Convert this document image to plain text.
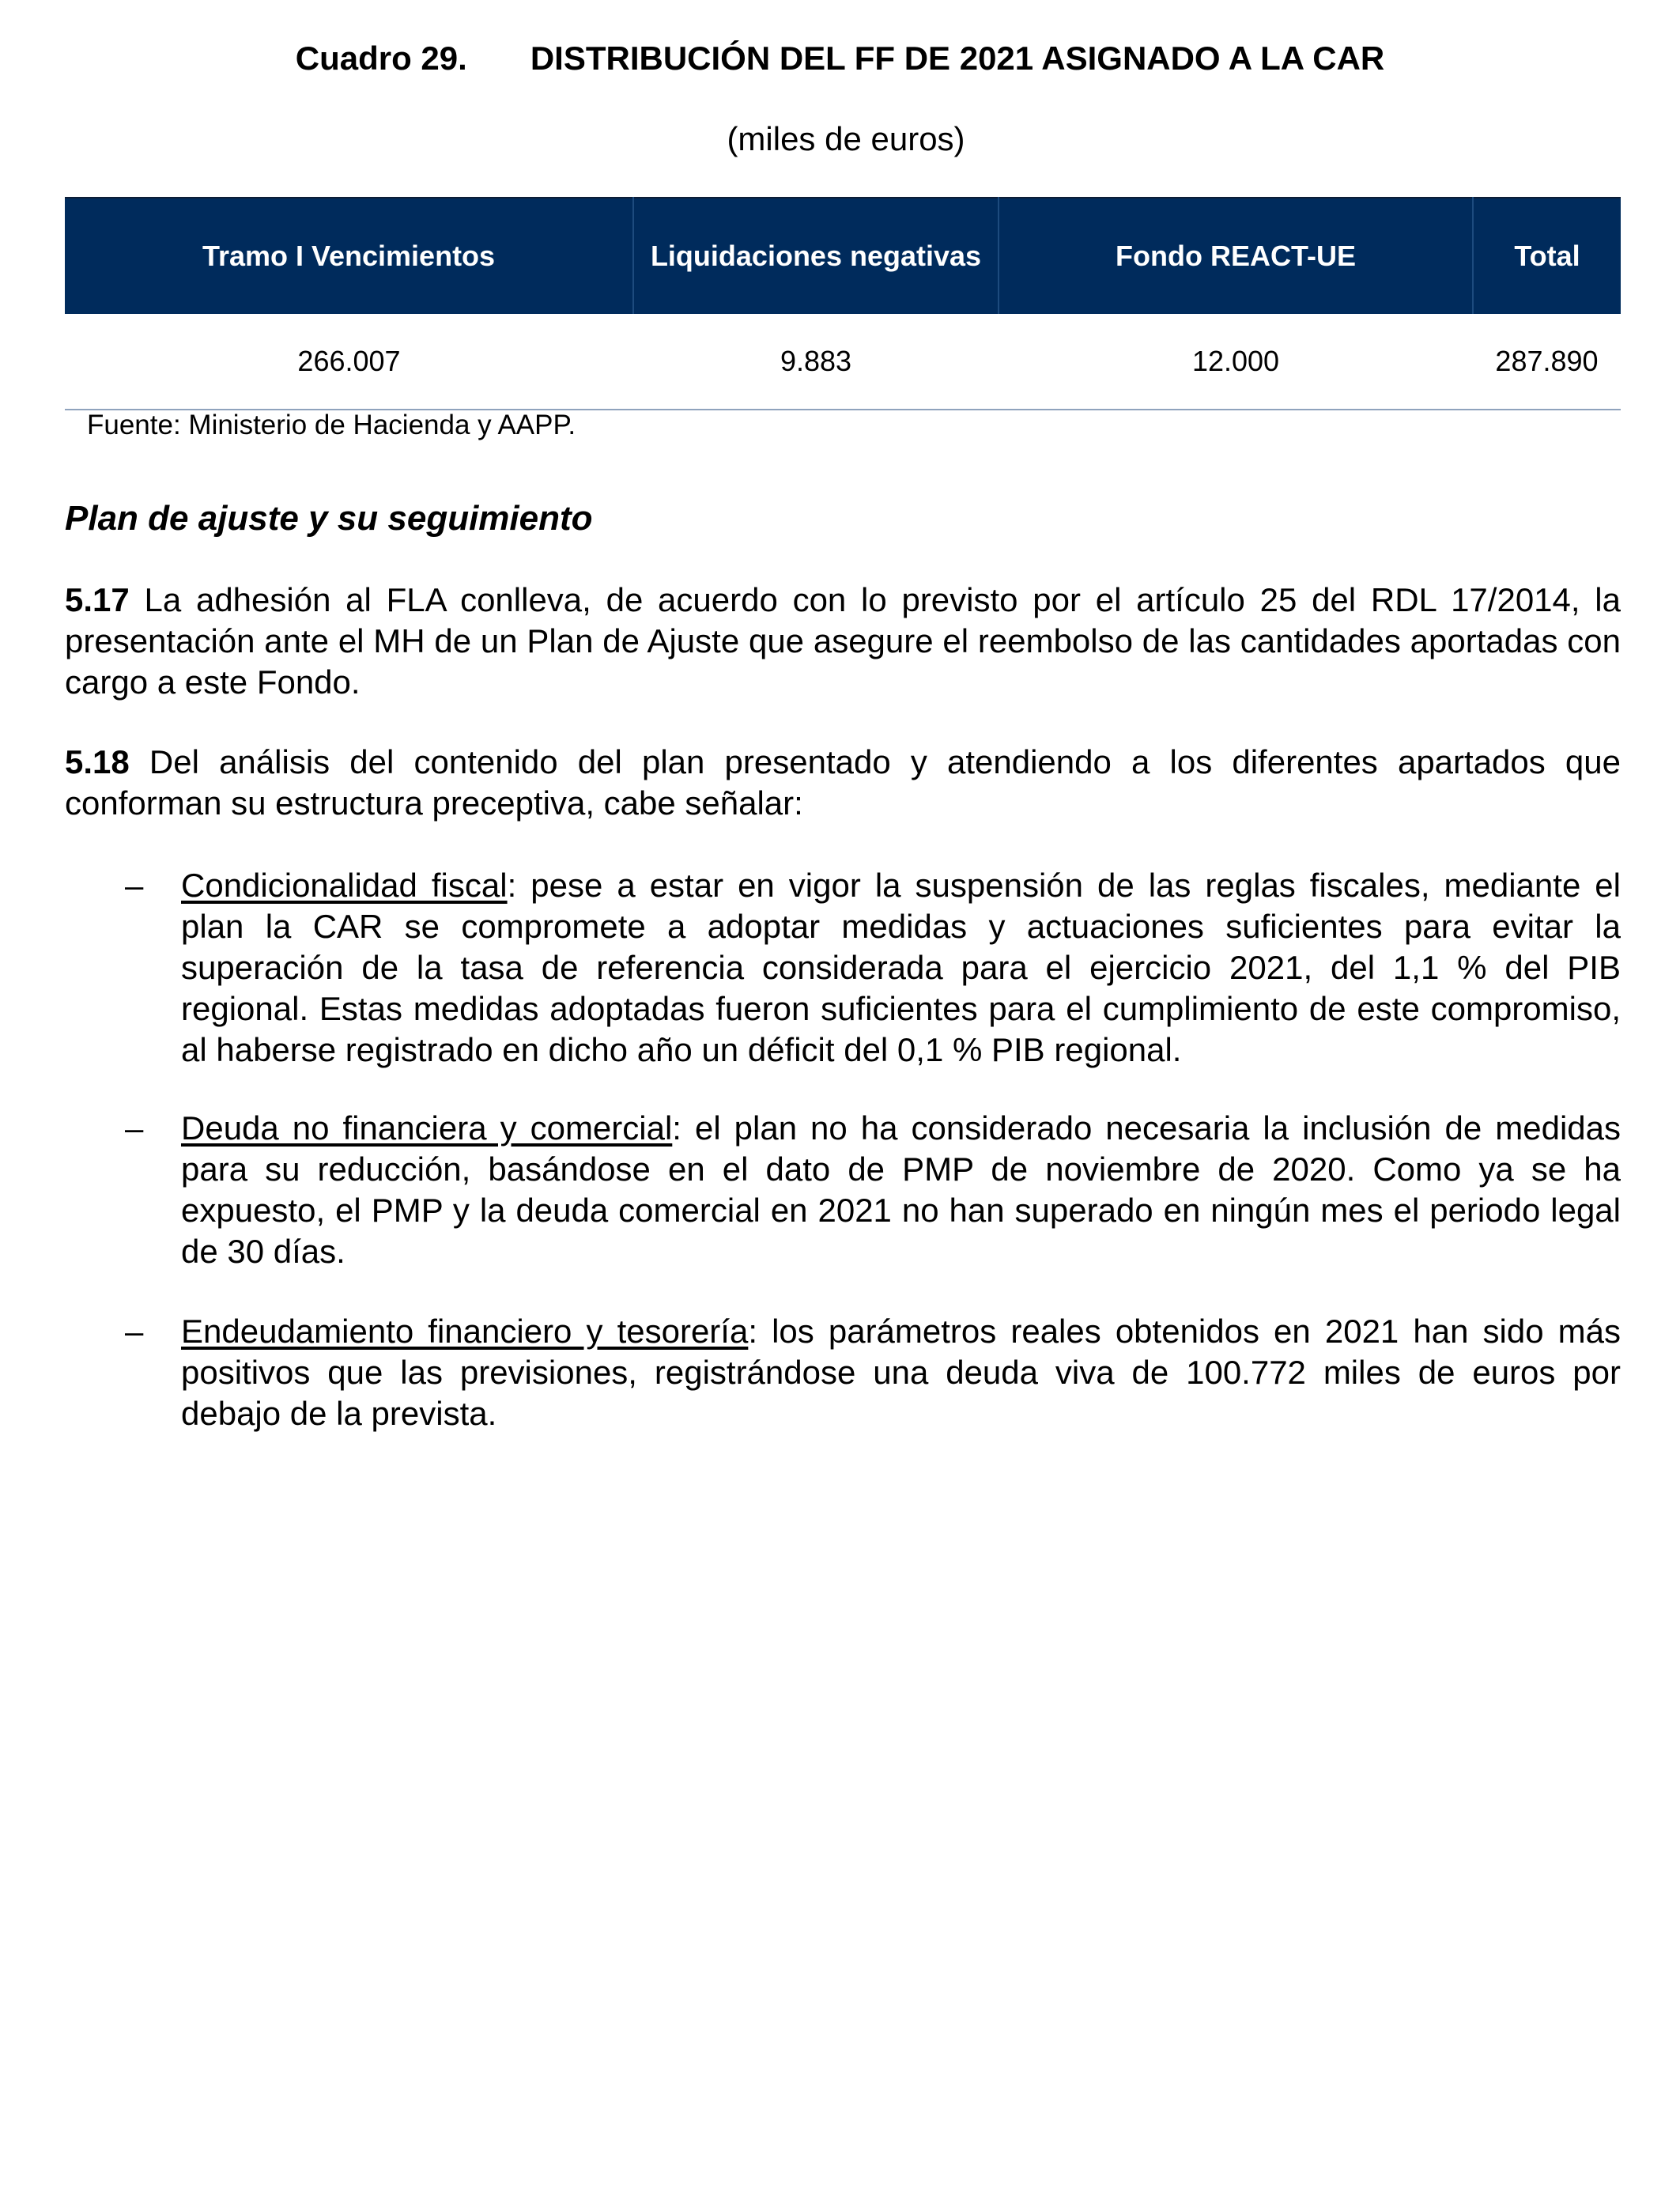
Cuadro 29. DISTRIBUCIÓN DEL FF DE 2021 ASIGNADO A LA CAR
(miles de euros)
Tramo I Vencimientos	Liquidaciones negativas	Fondo REACT-UE	Total
266.007	9.883	12.000	287.890
Fuente: Ministerio de Hacienda y AAPP.
Plan de ajuste y su seguimiento

5.17 La adhesión al FLA conlleva, de acuerdo con lo previsto por el artículo 25 del RDL 17/2014, la presentación ante el MH de un Plan de Ajuste que asegure el reembolso de las cantidades aportadas con cargo a este Fondo.

5.18 Del análisis del contenido del plan presentado y atendiendo a los diferentes apartados que conforman su estructura preceptiva, cabe señalar:

– Condicionalidad fiscal: pese a estar en vigor la suspensión de las reglas fiscales, mediante el plan la CAR se compromete a adoptar medidas y actuaciones suficientes para evitar la superación de la tasa de referencia considerada para el ejercicio 2021, del 1,1 % del PIB regional. Estas medidas adoptadas fueron suficientes para el cumplimiento de este compromiso, al haberse registrado en dicho año un déficit del 0,1 % PIB regional.

– Deuda no financiera y comercial: el plan no ha considerado necesaria la inclusión de medidas para su reducción, basándose en el dato de PMP de noviembre de 2020. Como ya se ha expuesto, el PMP y la deuda comercial en 2021 no han superado en ningún mes el periodo legal de 30 días.

– Endeudamiento financiero y tesorería: los parámetros reales obtenidos en 2021 han sido más positivos que las previsiones, registrándose una deuda viva de 100.772 miles de euros por debajo de la prevista.
